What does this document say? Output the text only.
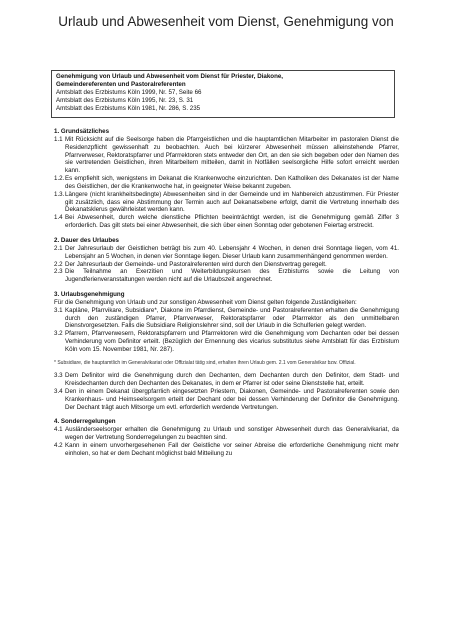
Urlaub und Abwesenheit vom Dienst, Genehmigung von
Genehmigung von Urlaub und Abwesenheit vom Dienst für Priester, Diakone,
Gemeindereferenten und Pastoralreferenten
Amtsblatt des Erzbistums Köln 1999, Nr. 57, Seite 66
Amtsblatt des Erzbistums Köln 1995, Nr. 23, S. 31
Amtsblatt des Erzbistums Köln 1981, Nr. 286, S. 235
1. Grundsätzliches
1.1 Mit Rücksicht auf die Seelsorge haben die Pfarrgeistlichen und die hauptamtlichen Mitarbeiter im pastoralen Dienst die Residenzpflicht gewissenhaft zu beobachten. Auch bei kürzerer Abwesenheit müssen alleinstehende Pfarrer, Pfarrverweser, Rektoratspfarrer und Pfarrrektoren stets entweder den Ort, an den sie sich begeben oder den Namen des sie vertretenden Geistlichen, ihren Mitarbeitern mitteilen, damit in Notfällen seelsorgliche Hilfe sofort erreicht werden kann.
1.2. Es empfiehlt sich, wenigstens im Dekanat die Krankenwoche einzurichten. Den Katholiken des Dekanates ist der Name des Geistlichen, der die Krankenwoche hat, in geeigneter Weise bekannt zugeben.
1.3. Längere (nicht krankheitsbedingte) Abwesenheiten sind in der Gemeinde und im Nahbereich abzustimmen. Für Priester gilt zusätzlich, dass eine Abstimmung der Termin auch auf Dekanatsebene erfolgt, damit die Vertretung innerhalb des Dekanatsklerus gewährleistet werden kann.
1.4 Bei Abwesenheit, durch welche dienstliche Pflichten beeinträchtigt werden, ist die Genehmigung gemäß Ziffer 3 erforderlich. Das gilt stets bei einer Abwesenheit, die sich über einen Sonntag oder gebotenen Feiertag erstreckt.
2. Dauer des Urlaubes
2.1 Der Jahresurlaub der Geistlichen beträgt bis zum 40. Lebensjahr 4 Wochen, in denen drei Sonntage liegen, vom 41. Lebensjahr an 5 Wochen, in denen vier Sonntage liegen. Dieser Urlaub kann zusammenhängend genommen werden.
2.2 Der Jahresurlaub der Gemeinde- und Pastoralreferenten wird durch den Dienstvertrag geregelt.
2.3 Die Teilnahme an Exerzitien und Weiterbildungskursen des Erzbistums sowie die Leitung von Jugendferienveranstaltungen werden nicht auf die Urlaubszeit angerechnet.
3. Urlaubsgenehmigung
Für die Genehmigung von Urlaub und zur sonstigen Abwesenheit vom Dienst gelten folgende Zuständigkeiten:
3.1 Kapläne, Pfarrvikare, Subsidiare*, Diakone im Pfarrdienst, Gemeinde- und Pastoralreferenten erhalten die Genehmigung durch den zuständigen Pfarrer, Pfarrverweser, Rektoratspfarrer oder Pfarrrektor als den unmittelbaren Dienstvorgesetzten. Falls die Subsidiare Religionslehrer sind, soll der Urlaub in die Schulferien gelegt werden.
3.2 Pfarrern, Pfarrverwesern, Rektoratspfarrern und Pfarrrektoren wird die Genehmigung vom Dechanten oder bei dessen Verhinderung vom Definitor erteilt. (Bezüglich der Ernennung des vicarius substitutus siehe Amtsblatt für das Erzbistum Köln vom 15. November 1981, Nr. 287).
* Subsidiare, die hauptamtlich im Generalvikariat oder Offizialat tätig sind, erhalten ihren Urlaub gem. 2.1 vom Generalvikar bzw. Offizial.
3.3 Dem Definitor wird die Genehmigung durch den Dechanten, dem Dechanten durch den Definitor, dem Stadt- und Kreisdechanten durch den Dechanten des Dekanates, in dem er Pfarrer ist oder seine Dienststelle hat, erteilt.
3.4 Den in einem Dekanat übergpfarrlich eingesetzten Priestern, Diakonen, Gemeinde- und Pastoralreferenten sowie den Krankenhaus- und Heimseelsorgern erteilt der Dechant oder bei dessen Verhinderung der Definitor die Genehmigung. Der Dechant trägt auch Mitsorge um evtl. erforderlich werdende Vertretungen.
4. Sonderregelungen
4.1 Ausländerseelsorger erhalten die Genehmigung zu Urlaub und sonstiger Abwesenheit durch das Generalvikariat, da wegen der Vertretung Sonderregelungen zu beachten sind.
4.2 Kann in einem unvorhergesehenen Fall der Geistliche vor seiner Abreise die erforderliche Genehmigung nicht mehr einholen, so hat er dem Dechant möglichst bald Mitteilung zu
